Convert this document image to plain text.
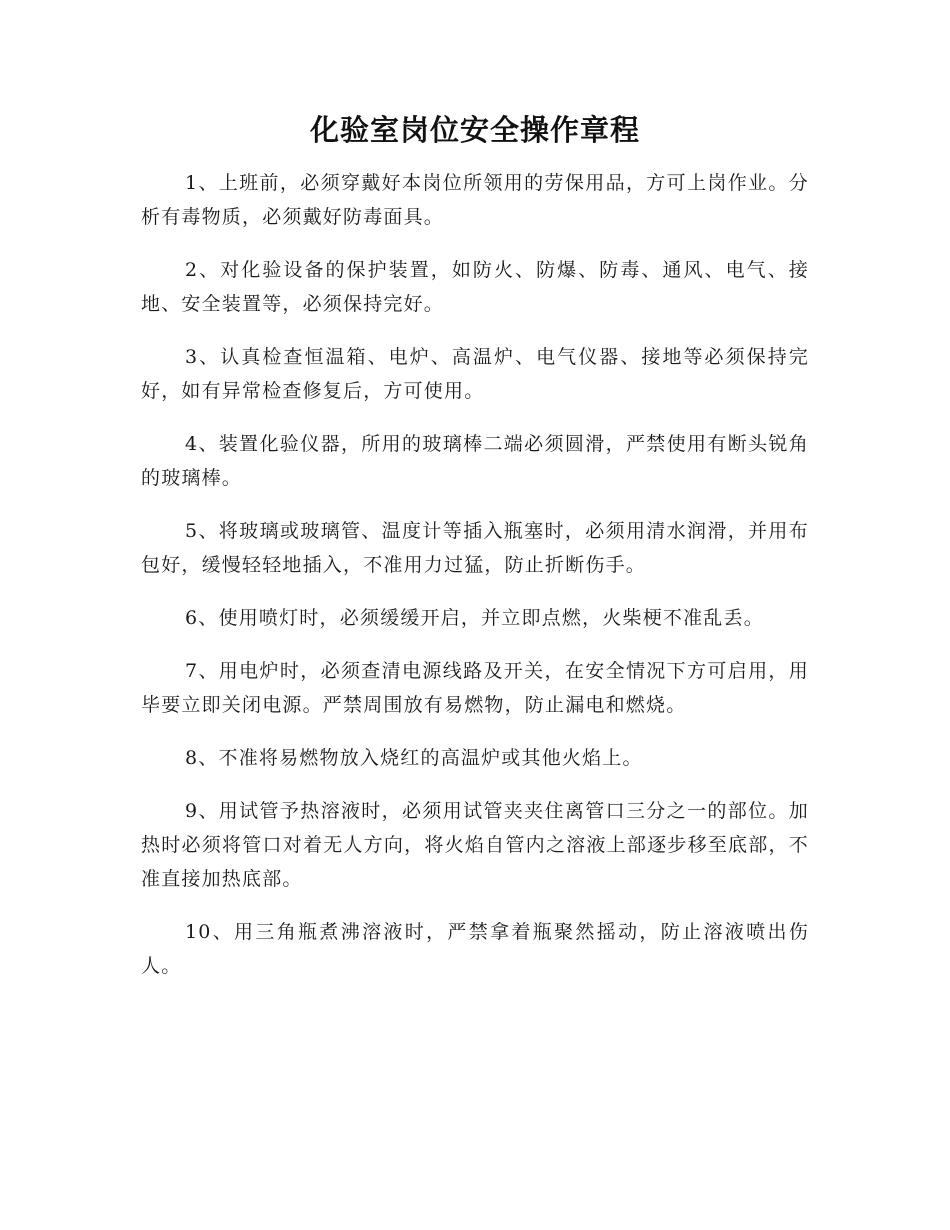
化验室岗位安全操作章程

1、上班前，必须穿戴好本岗位所领用的劳保用品，方可上岗作业。分析有毒物质，必须戴好防毒面具。

2、对化验设备的保护装置，如防火、防爆、防毒、通风、电气、接地、安全装置等，必须保持完好。

3、认真检查恒温箱、电炉、高温炉、电气仪器、接地等必须保持完好，如有异常检查修复后，方可使用。

4、装置化验仪器，所用的玻璃棒二端必须圆滑，严禁使用有断头锐角的玻璃棒。

5、将玻璃或玻璃管、温度计等插入瓶塞时，必须用清水润滑，并用布包好，缓慢轻轻地插入，不准用力过猛，防止折断伤手。

6、使用喷灯时，必须缓缓开启，并立即点燃，火柴梗不准乱丢。

7、用电炉时，必须查清电源线路及开关，在安全情况下方可启用，用毕要立即关闭电源。严禁周围放有易燃物，防止漏电和燃烧。

8、不准将易燃物放入烧红的高温炉或其他火焰上。

9、用试管予热溶液时，必须用试管夹夹住离管口三分之一的部位。加热时必须将管口对着无人方向，将火焰自管内之溶液上部逐步移至底部，不准直接加热底部。

10、用三角瓶煮沸溶液时，严禁拿着瓶聚然摇动，防止溶液喷出伤人。
